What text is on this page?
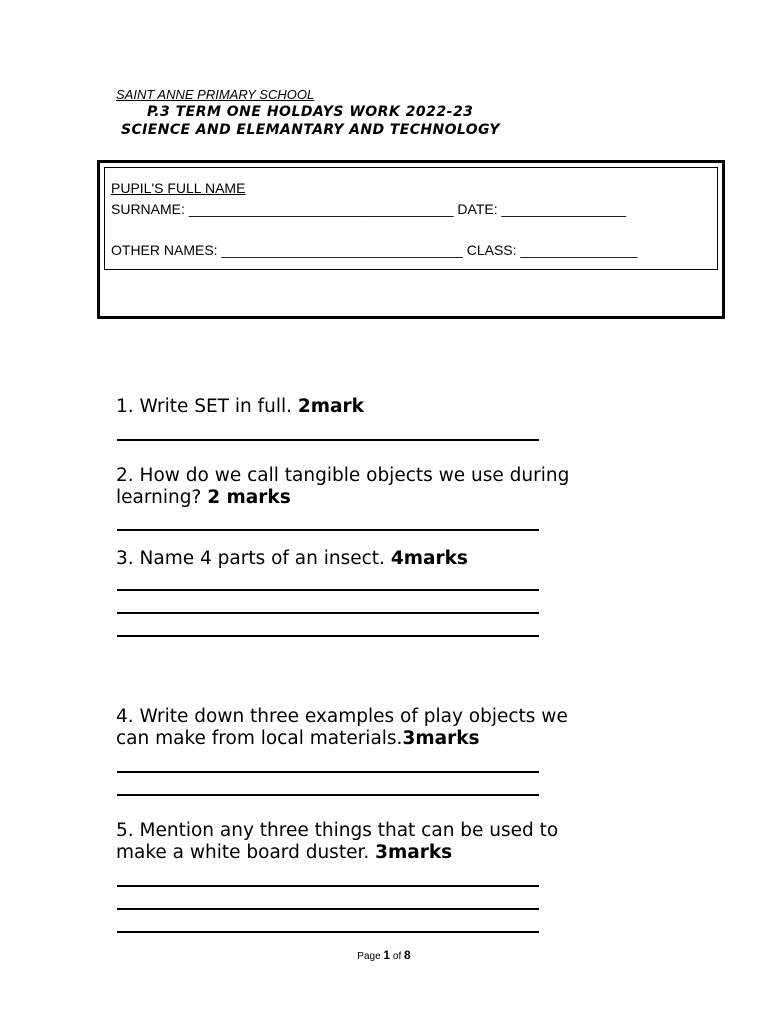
SAINT ANNE PRIMARY SCHOOL
P.3 TERM ONE HOLDAYS WORK 2022-23
SCIENCE AND ELEMANTARY AND TECHNOLOGY
PUPIL'S FULL NAME
SURNAME: __________________________________ DATE: ________________
OTHER NAMES: _______________________________ CLASS: _______________
1. Write SET in full. 2mark
2. How do we call tangible objects we use during
learning? 2 marks
3. Name 4 parts of an insect. 4marks
4. Write down three examples of play objects we
can make from local materials.3marks
5. Mention any three things that can be used to
make a white board duster. 3marks
Page 1 of 8
